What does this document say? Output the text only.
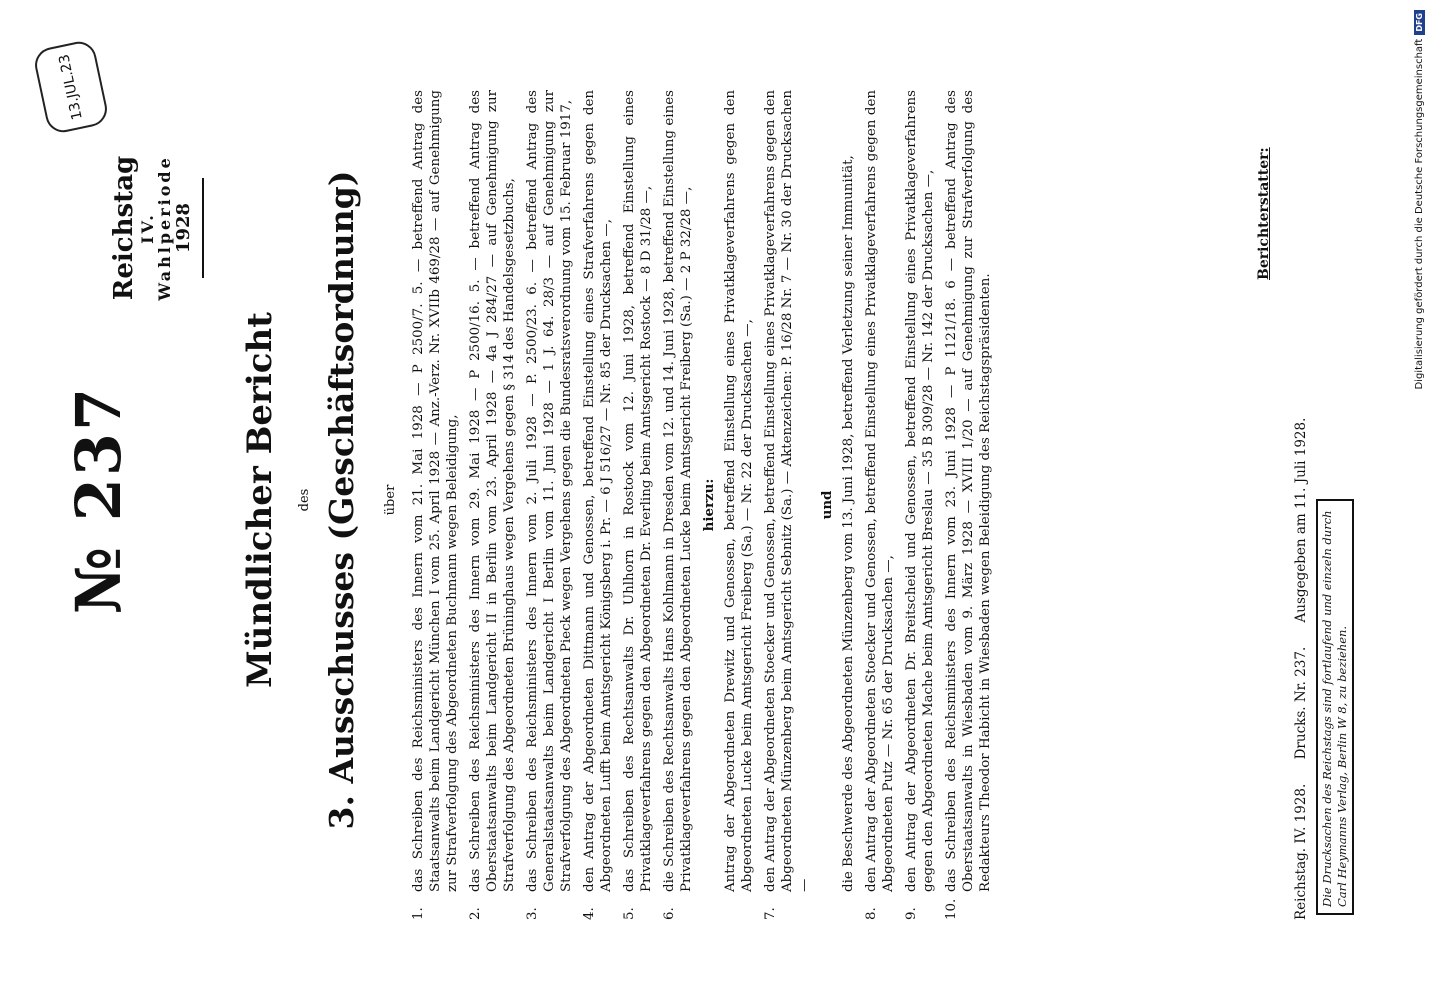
13.JUL.23
№ 237
Reichstag
IV. Wahlperiode
1928
Mündlicher Bericht des 3. Ausschusses (Geschäftsordnung) über
1.
das Schreiben des Reichsministers des Innern vom 21. Mai 1928 — P 2500/7. 5. — betreffend Antrag des Staatsanwalts beim Landgericht München I vom 25. April 1928 — Anz.-Verz. Nr. XVIIb 469/28 — auf Genehmigung zur Strafverfolgung des Abgeordneten Buchmann wegen Beleidigung,
2.
das Schreiben des Reichsministers des Innern vom 29. Mai 1928 — P 2500/16. 5. — betreffend Antrag des Oberstaatsanwalts beim Landgericht II in Berlin vom 23. April 1928 — 4a J 284/27 — auf Genehmigung zur Strafverfolgung des Abgeordneten Brüninghaus wegen Vergehens gegen § 314 des Handelsgesetzbuchs,
3.
das Schreiben des Reichsministers des Innern vom 2. Juli 1928 — P. 2500/23. 6. — betreffend Antrag des Generalstaatsanwalts beim Landgericht I Berlin vom 11. Juni 1928 — 1 J. 64. 28/3 — auf Genehmigung zur Strafverfolgung des Abgeordneten Pieck wegen Vergehens gegen die Bundesratsverordnung vom 15. Februar 1917,
4.
den Antrag der Abgeordneten Dittmann und Genossen, betreffend Einstellung eines Strafverfahrens gegen den Abgeordneten Lufft beim Amtsgericht Königsberg i. Pr. — 6 J 516/27 — Nr. 85 der Drucksachen —,
5.
das Schreiben des Rechtsanwalts Dr. Uhlhorn in Rostock vom 12. Juni 1928, betreffend Einstellung eines Privatklageverfahrens gegen den Abgeordneten Dr. Everling beim Amtsgericht Rostock — 8 D 31/28 —,
6.
die Schreiben des Rechtsanwalts Hans Kohlmann in Dresden vom 12. und 14. Juni 1928, betreffend Einstellung eines Privatklageverfahrens gegen den Abgeordneten Lucke beim Amtsgericht Freiberg (Sa.) — 2 P 32/28 —, hierzu: Antrag der Abgeordneten Drewitz und Genossen, betreffend Einstellung eines Privatklageverfahrens gegen den Abgeordneten Lucke beim Amtsgericht Freiberg (Sa.) — Nr. 22 der Drucksachen —,
7.
den Antrag der Abgeordneten Stoecker und Genossen, betreffend Einstellung eines Privatklageverfahrens gegen den Abgeordneten Münzenberg beim Amtsgericht Sebnitz (Sa.) — Aktenzeichen: P. 16/28 Nr. 7 — Nr. 30 der Drucksachen —
und die Beschwerde des Abgeordneten Münzenberg vom 13. Juni 1928, betreffend Verletzung seiner Immunität,
8.
den Antrag der Abgeordneten Stoecker und Genossen, betreffend Einstellung eines Privatklageverfahrens gegen den Abgeordneten Putz — Nr. 65 der Drucksachen —,
9.
den Antrag der Abgeordneten Dr. Breitscheid und Genossen, betreffend Einstellung eines Privatklageverfahrens gegen den Abgeordneten Mache beim Amtsgericht Breslau — 35 B 309/28 — Nr. 142 der Drucksachen —,
10.
das Schreiben des Reichsministers des Innern vom 23. Juni 1928 — P 1121/18. 6 — betreffend Antrag des Oberstaatsanwalts in Wiesbaden vom 9. März 1928 — XVIII 1/20 — auf Genehmigung zur Strafverfolgung des Redakteurs Theodor Habicht in Wiesbaden wegen Beleidigung des Reichstagspräsidenten.
Berichterstatter:
Reichstag. IV. 1928. Drucks. Nr. 237. Ausgegeben am 11. Juli 1928. Die Drucksachen des Reichstags sind fortlaufend und einzeln durch Carl Heymanns Verlag, Berlin W 8, zu beziehen.
Digitalisierung gefördert durch die Deutsche Forschungsgemeinschaft
DFG
